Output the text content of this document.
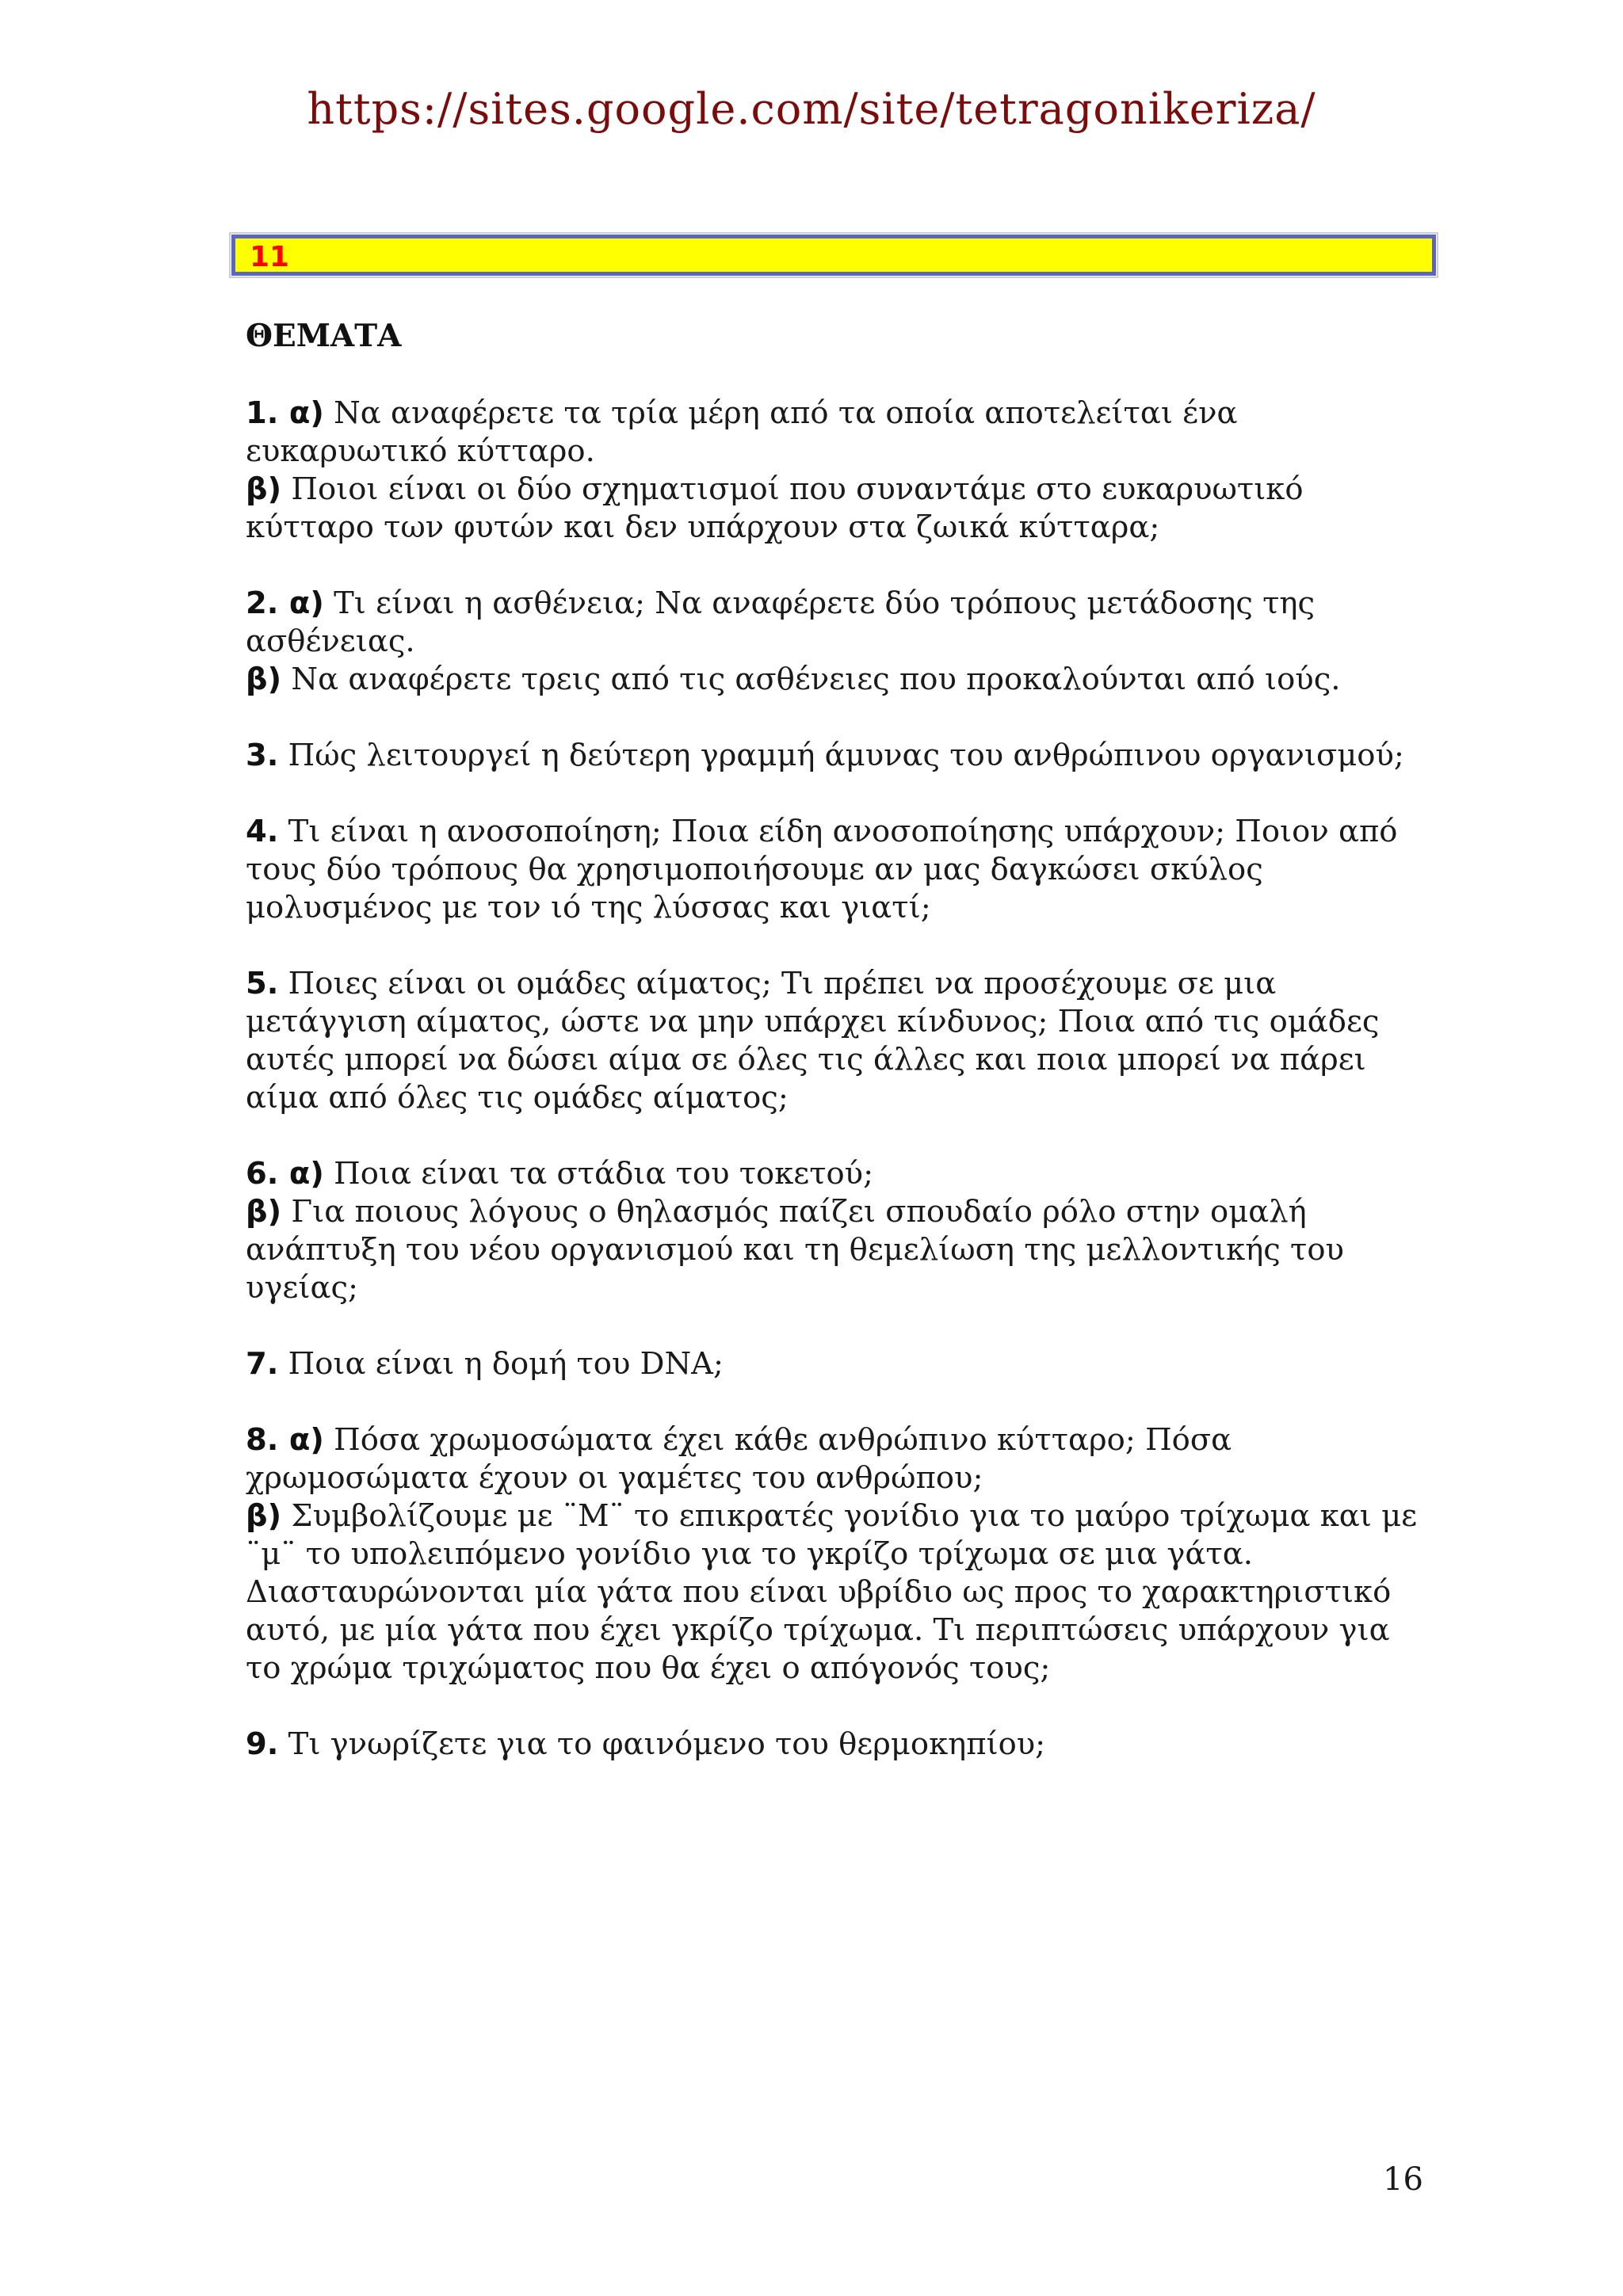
https://sites.google.com/site/tetragonikeriza/
11
ΘΕΜΑΤΑ

1. α) Να αναφέρετε τα τρία μέρη από τα οποία αποτελείται ένα ευκαρυωτικό κύτταρο.

β) Ποιοι είναι οι δύο σχηματισμοί που συναντάμε στο ευκαρυωτικό κύτταρο των φυτών και δεν υπάρχουν στα ζωικά κύτταρα;

2. α) Τι είναι η ασθένεια; Να αναφέρετε δύο τρόπους μετάδοσης της ασθένειας.

β) Να αναφέρετε τρεις από τις ασθένειες που προκαλούνται από ιούς.

3. Πώς λειτουργεί η δεύτερη γραμμή άμυνας του ανθρώπινου οργανισμού;

4. Τι είναι η ανοσοποίηση; Ποια είδη ανοσοποίησης υπάρχουν; Ποιον από τους δύο τρόπους θα χρησιμοποιήσουμε αν μας δαγκώσει σκύλος μολυσμένος με τον ιό της λύσσας και γιατί;

5. Ποιες είναι οι ομάδες αίματος; Τι πρέπει να προσέχουμε σε μια μετάγγιση αίματος, ώστε να μην υπάρχει κίνδυνος; Ποια από τις ομάδες αυτές μπορεί να δώσει αίμα σε όλες τις άλλες και ποια μπορεί να πάρει αίμα από όλες τις ομάδες αίματος;

6. α) Ποια είναι τα στάδια του τοκετού;

β) Για ποιους λόγους ο θηλασμός παίζει σπουδαίο ρόλο στην ομαλή ανάπτυξη του νέου οργανισμού και τη θεμελίωση της μελλοντικής του υγείας;

7. Ποια είναι η δομή του DNA;

8. α) Πόσα χρωμοσώματα έχει κάθε ανθρώπινο κύτταρο; Πόσα χρωμοσώματα έχουν οι γαμέτες του ανθρώπου;

β) Συμβολίζουμε με ¨Μ¨ το επικρατές γονίδιο για το μαύρο τρίχωμα και με ¨μ¨ το υπολειπόμενο γονίδιο για το γκρίζο τρίχωμα σε μια γάτα. Διασταυρώνονται μία γάτα που είναι υβρίδιο ως προς το χαρακτηριστικό αυτό, με μία γάτα που έχει γκρίζο τρίχωμα. Τι περιπτώσεις υπάρχουν για το χρώμα τριχώματος που θα έχει ο απόγονός τους;

9. Τι γνωρίζετε για το φαινόμενο του θερμοκηπίου;

16
